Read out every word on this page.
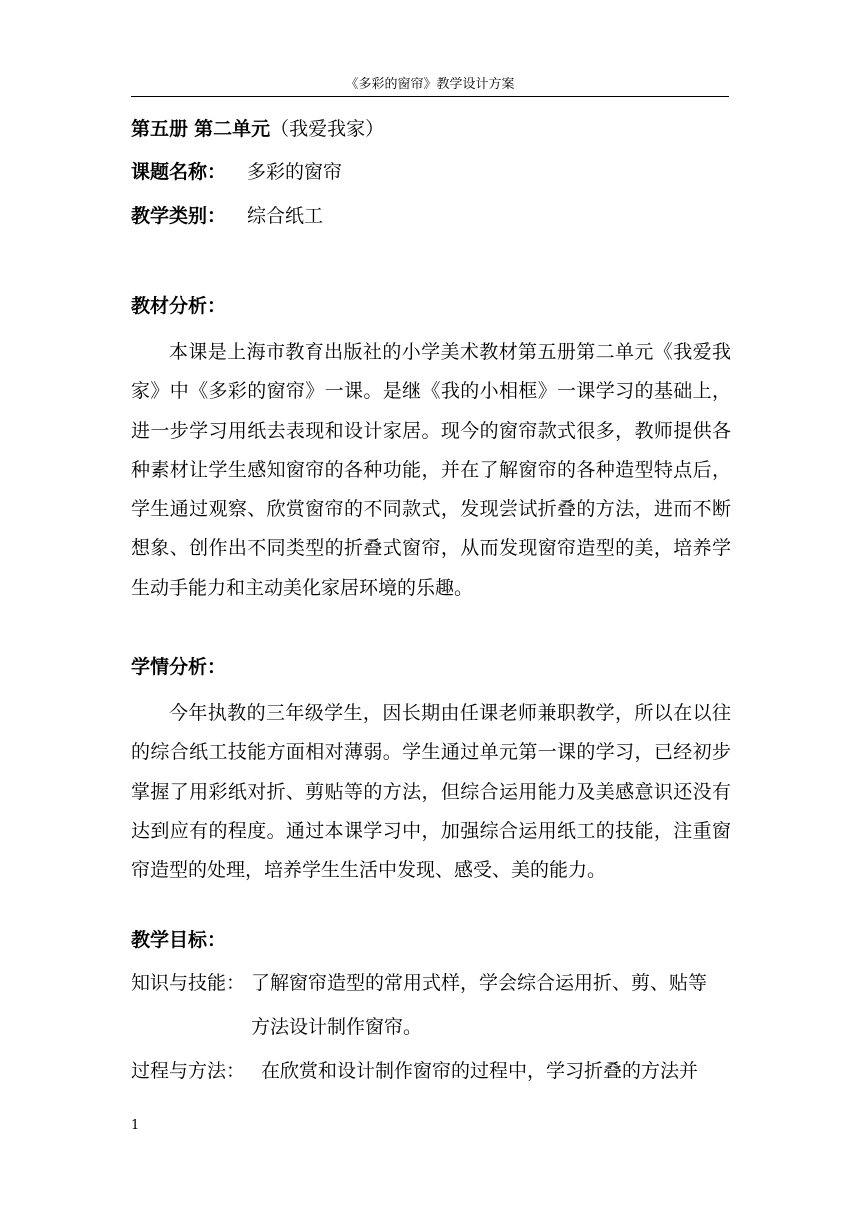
《多彩的窗帘》教学设计方案
第五册 第二单元（我爱我家）
课题名称： 多彩的窗帘
教学类别： 综合纸工
教材分析：
本课是上海市教育出版社的小学美术教材第五册第二单元《我爱我家》中《多彩的窗帘》一课。是继《我的小相框》一课学习的基础上，进一步学习用纸去表现和设计家居。现今的窗帘款式很多，教师提供各种素材让学生感知窗帘的各种功能，并在了解窗帘的各种造型特点后，学生通过观察、欣赏窗帘的不同款式，发现尝试折叠的方法，进而不断想象、创作出不同类型的折叠式窗帘，从而发现窗帘造型的美，培养学生动手能力和主动美化家居环境的乐趣。
学情分析：
今年执教的三年级学生，因长期由任课老师兼职教学，所以在以往的综合纸工技能方面相对薄弱。学生通过单元第一课的学习，已经初步掌握了用彩纸对折、剪贴等的方法，但综合运用能力及美感意识还没有达到应有的程度。通过本课学习中，加强综合运用纸工的技能，注重窗帘造型的处理，培养学生生活中发现、感受、美的能力。
教学目标：
知识与技能： 了解窗帘造型的常用式样，学会综合运用折、剪、贴等
方法设计制作窗帘。
过程与方法： 在欣赏和设计制作窗帘的过程中，学习折叠的方法并
1
